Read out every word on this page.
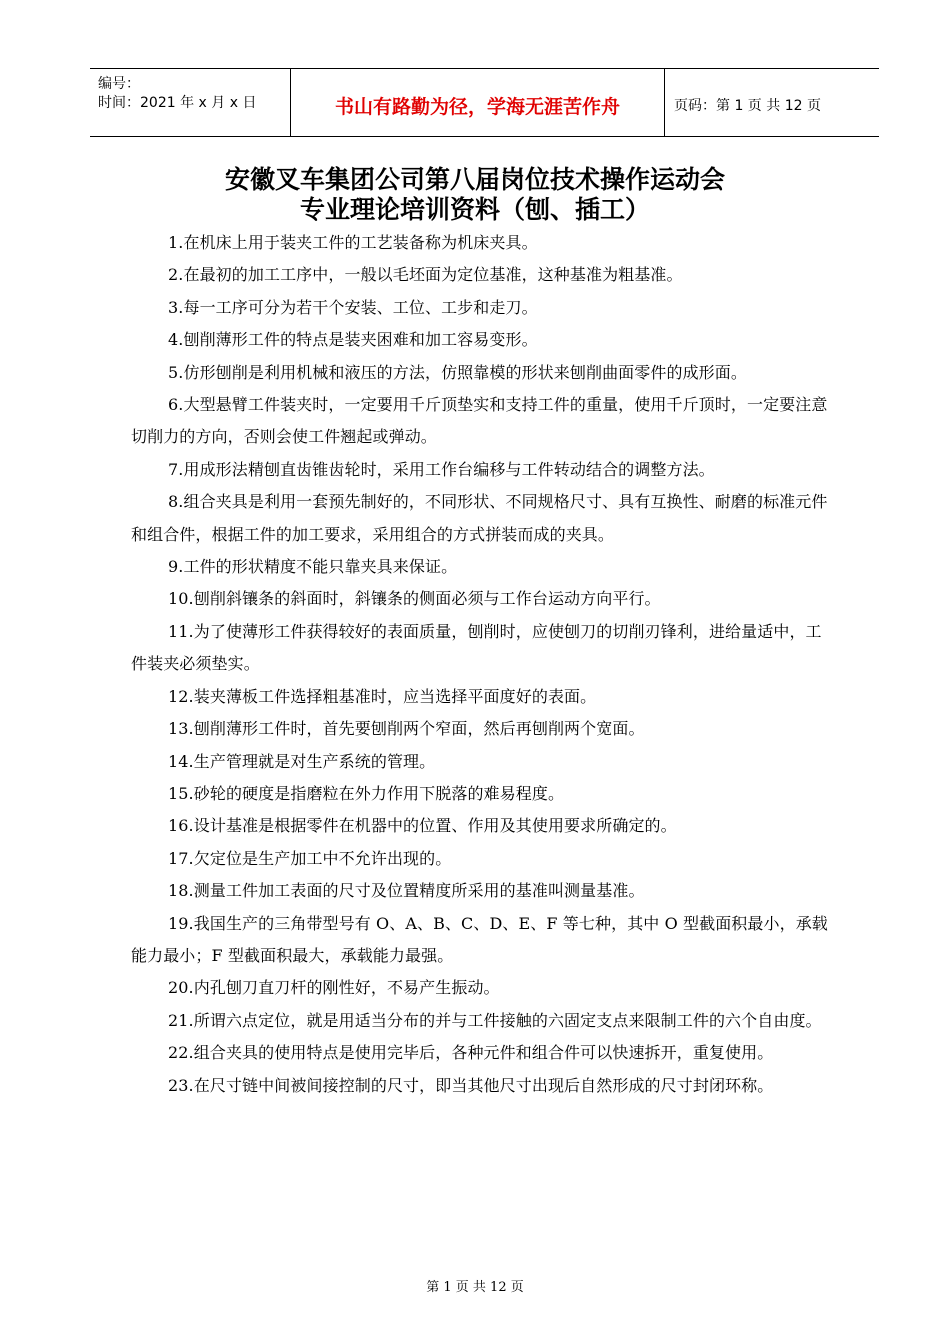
编号：
时间：2021 年 x 月 x 日	书山有路勤为径，学海无涯苦作舟	页码：第 1 页 共 12 页
安徽叉车集团公司第八届岗位技术操作运动会
专业理论培训资料（刨、插工）

1.在机床上用于装夹工件的工艺装备称为机床夹具。

2.在最初的加工工序中，一般以毛坯面为定位基准，这种基准为粗基准。

3.每一工序可分为若干个安装、工位、工步和走刀。

4.刨削薄形工件的特点是装夹困难和加工容易变形。

5.仿形刨削是利用机械和液压的方法，仿照靠模的形状来刨削曲面零件的成形面。

6.大型悬臂工件装夹时，一定要用千斤顶垫实和支持工件的重量，使用千斤顶时，一定要注意切削力的方向，否则会使工件翘起或弹动。

7.用成形法精刨直齿锥齿轮时，采用工作台编移与工件转动结合的调整方法。

8.组合夹具是利用一套预先制好的，不同形状、不同规格尺寸、具有互换性、耐磨的标准元件和组合件，根据工件的加工要求，采用组合的方式拼装而成的夹具。

9.工件的形状精度不能只靠夹具来保证。

10.刨削斜镶条的斜面时，斜镶条的侧面必须与工作台运动方向平行。

11.为了使薄形工件获得较好的表面质量，刨削时，应使刨刀的切削刃锋利，进给量适中，工件装夹必须垫实。

12.装夹薄板工件选择粗基准时，应当选择平面度好的表面。

13.刨削薄形工件时，首先要刨削两个窄面，然后再刨削两个宽面。

14.生产管理就是对生产系统的管理。

15.砂轮的硬度是指磨粒在外力作用下脱落的难易程度。

16.设计基准是根据零件在机器中的位置、作用及其使用要求所确定的。

17.欠定位是生产加工中不允许出现的。

18.测量工件加工表面的尺寸及位置精度所采用的基准叫测量基准。

19.我国生产的三角带型号有 O、A、B、C、D、E、F 等七种，其中 O 型截面积最小，承载能力最小；F 型截面积最大，承载能力最强。

20.内孔刨刀直刀杆的刚性好，不易产生振动。

21.所谓六点定位，就是用适当分布的并与工件接触的六固定支点来限制工件的六个自由度。

22.组合夹具的使用特点是使用完毕后，各种元件和组合件可以快速拆开，重复使用。

23.在尺寸链中间被间接控制的尺寸，即当其他尺寸出现后自然形成的尺寸封闭环称。

第 1 页 共 12 页
